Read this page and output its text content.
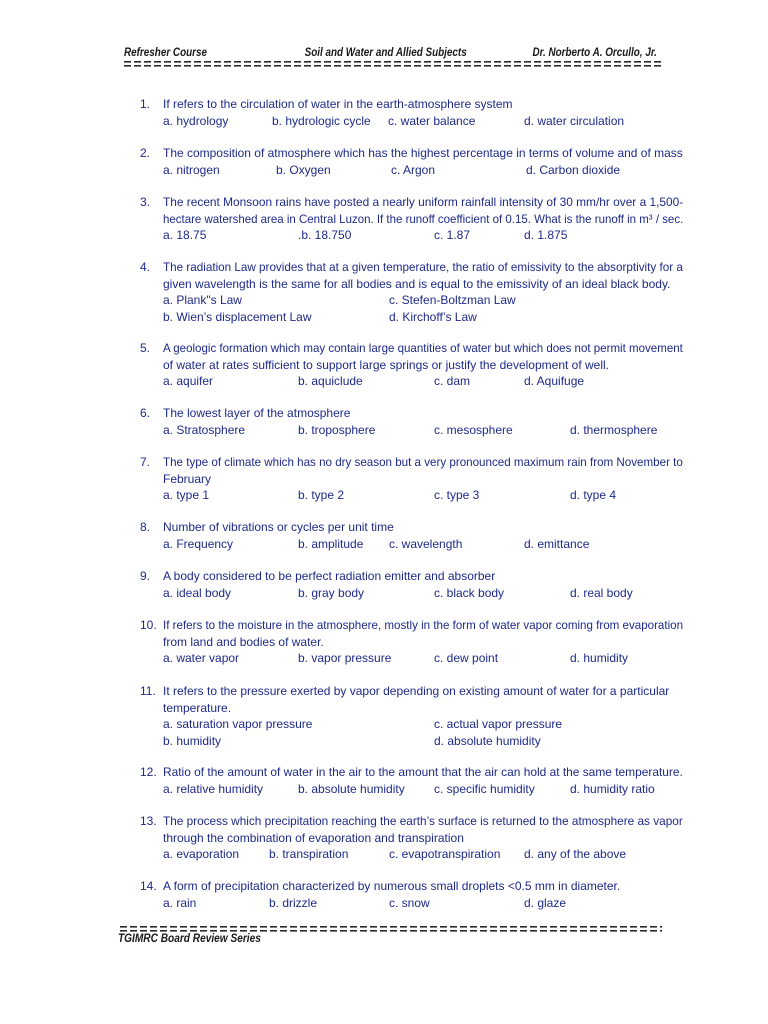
Refresher Course	Soil and Water and Allied Subjects	Dr. Norberto A. Orcullo, Jr.
1. If refers to the circulation of water in the earth-atmosphere system
a. hydrology	b. hydrologic cycle c. water balance	d. water circulation
2. The composition of atmosphere which has the highest percentage in terms of volume and of mass
a. nitrogen	b. Oxygen	c. Argon	d. Carbon dioxide
3. The recent Monsoon rains have posted a nearly uniform rainfall intensity of 30 mm/hr over a 1,500-
hectare watershed area in Central Luzon. If the runoff coefficient of 0.15. What is the runoff in m³ / sec.
a. 18.75	.b. 18.750	c. 1.87	d. 1.875
4. The radiation Law provides that at a given temperature, the ratio of emissivity to the absorptivity for a
given wavelength is the same for all bodies and is equal to the emissivity of an ideal black body.
a. Plank"s Law	c. Stefen-Boltzman Law
b. Wien’s displacement Law	d. Kirchoff’s Law
5. A geologic formation which may contain large quantities of water but which does not permit movement
of water at rates sufficient to support large springs or justify the development of well.
a. aquifer	b. aquiclude	c. dam	d. Aquifuge
6. The lowest layer of the atmosphere
a. Stratosphere	b. troposphere	c. mesosphere	d. thermosphere
7. The type of climate which has no dry season but a very pronounced maximum rain from November to
February
a. type 1	b. type 2	c. type 3	d. type 4
8. Number of vibrations or cycles per unit time
a. Frequency	b. amplitude c. wavelength	d. emittance
9. A body considered to be perfect radiation emitter and absorber
a. ideal body	b. gray body	c. black body	d. real body
10. If refers to the moisture in the atmosphere, mostly in the form of water vapor coming from evaporation
from land and bodies of water.
a. water vapor	b. vapor pressure	c. dew point	d. humidity
11. It refers to the pressure exerted by vapor depending on existing amount of water for a particular
temperature.
a. saturation vapor pressure	c. actual vapor pressure
b. humidity	d. absolute humidity
12. Ratio of the amount of water in the air to the amount that the air can hold at the same temperature.
a. relative humidity	b. absolute humidity c. specific humidity	d. humidity ratio
13. The process which precipitation reaching the earth’s surface is returned to the atmosphere as vapor
through the combination of evaporation and transpiration
a. evaporation b. transpiration	c. evapotranspiration d. any of the above
14. A form of precipitation characterized by numerous small droplets <0.5 mm in diameter.
a. rain	b. drizzle	c. snow	d. glaze
TGIMRC Board Review Series
